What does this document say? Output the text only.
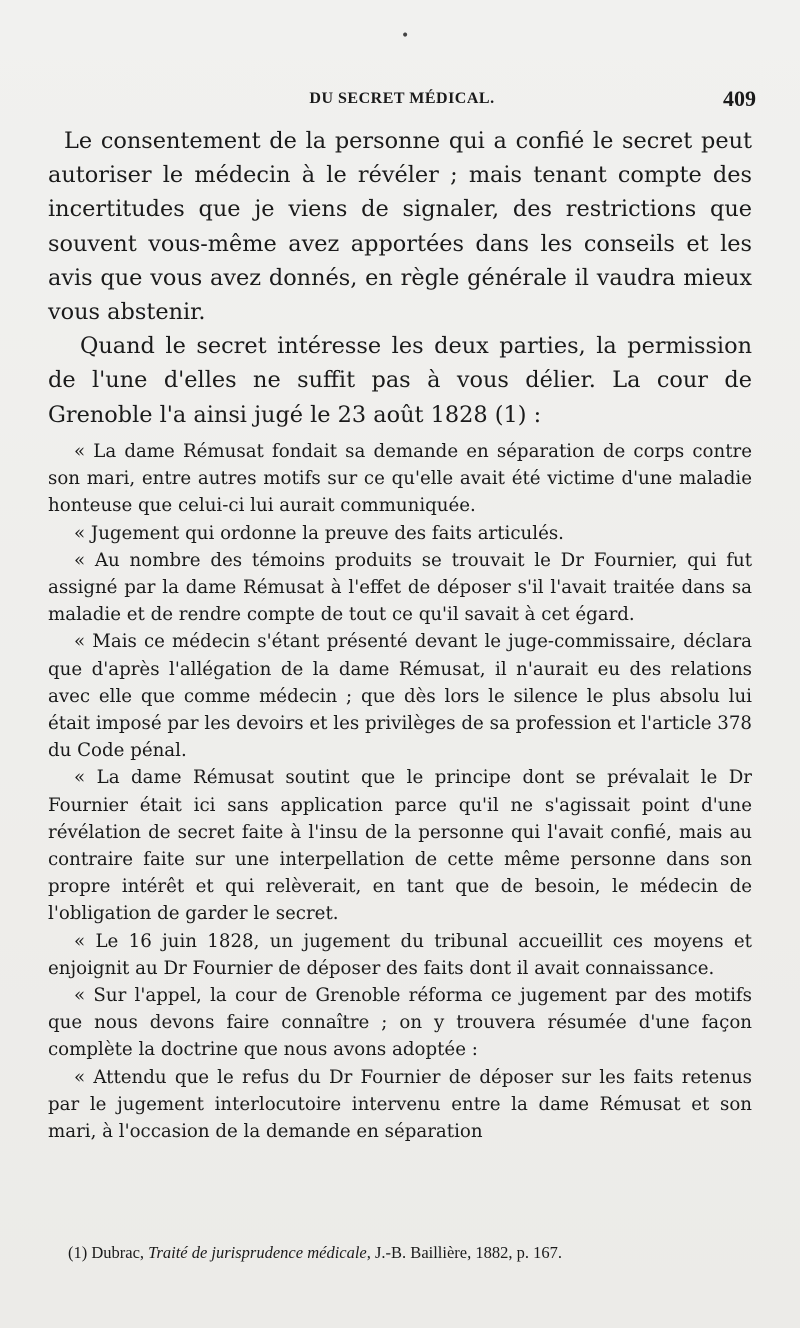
•
DU SECRET MÉDICAL.	409

Le consentement de la personne qui a confié le secret peut autoriser le médecin à le révéler ; mais tenant compte des incertitudes que je viens de signaler, des restrictions que souvent vous-même avez apportées dans les conseils et les avis que vous avez donnés, en règle générale il vaudra mieux vous abstenir.

Quand le secret intéresse les deux parties, la permission de l'une d'elles ne suffit pas à vous délier. La cour de Grenoble l'a ainsi jugé le 23 août 1828 (1) :

« La dame Rémusat fondait sa demande en séparation de corps contre son mari, entre autres motifs sur ce qu'elle avait été victime d'une maladie honteuse que celui-ci lui aurait communiquée.

« Jugement qui ordonne la preuve des faits articulés.

« Au nombre des témoins produits se trouvait le Dr Fournier, qui fut assigné par la dame Rémusat à l'effet de déposer s'il l'avait traitée dans sa maladie et de rendre compte de tout ce qu'il savait à cet égard.

« Mais ce médecin s'étant présenté devant le juge-commissaire, déclara que d'après l'allégation de la dame Rémusat, il n'aurait eu des relations avec elle que comme médecin ; que dès lors le silence le plus absolu lui était imposé par les devoirs et les privilèges de sa profession et l'article 378 du Code pénal.

« La dame Rémusat soutint que le principe dont se prévalait le Dr Fournier était ici sans application parce qu'il ne s'agissait point d'une révélation de secret faite à l'insu de la personne qui l'avait confié, mais au contraire faite sur une interpellation de cette même personne dans son propre intérêt et qui relèverait, en tant que de besoin, le médecin de l'obligation de garder le secret.

« Le 16 juin 1828, un jugement du tribunal accueillit ces moyens et enjoignit au Dr Fournier de déposer des faits dont il avait connaissance.

« Sur l'appel, la cour de Grenoble réforma ce jugement par des motifs que nous devons faire connaître ; on y trouvera résumée d'une façon complète la doctrine que nous avons adoptée :

« Attendu que le refus du Dr Fournier de déposer sur les faits retenus par le jugement interlocutoire intervenu entre la dame Rémusat et son mari, à l'occasion de la demande en séparation

(1) Dubrac, Traité de jurisprudence médicale, J.-B. Baillière, 1882, p. 167.
